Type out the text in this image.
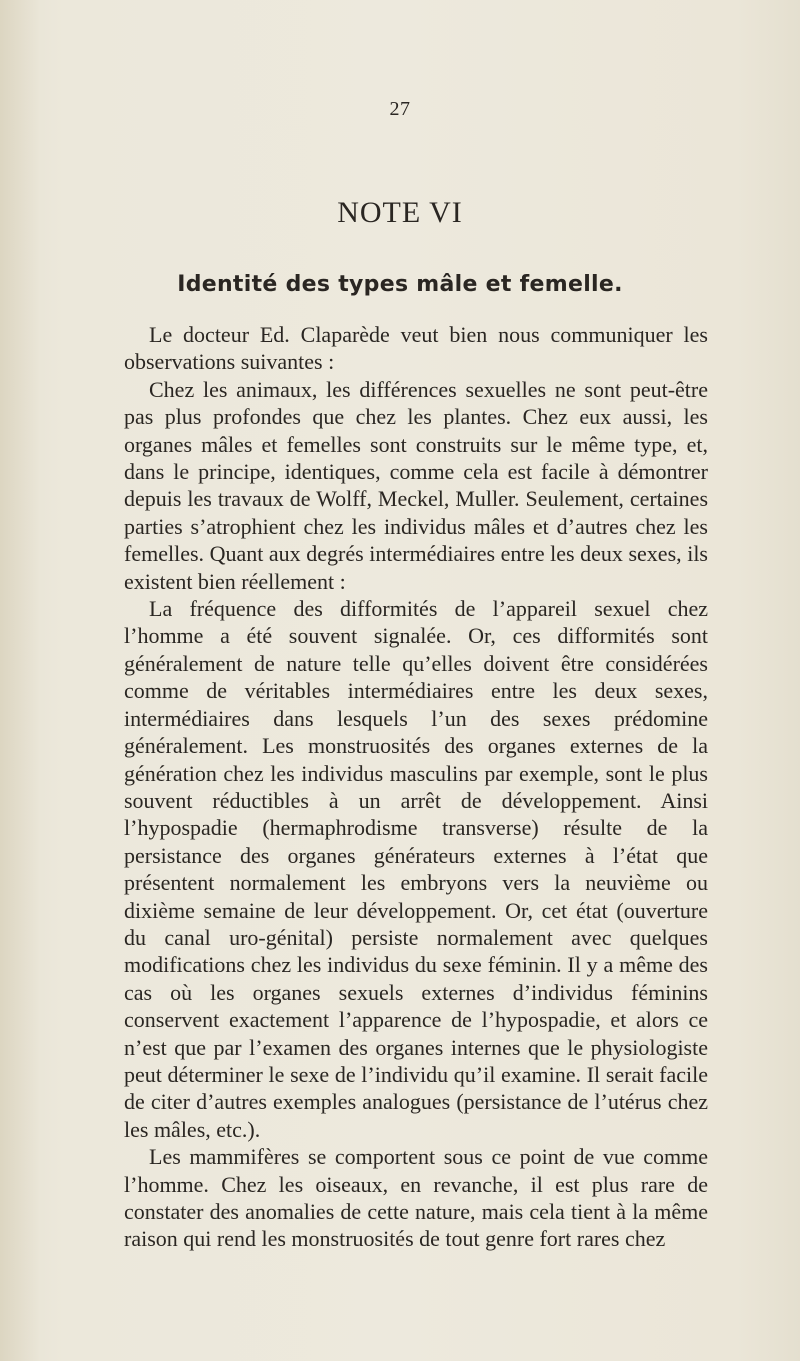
27
NOTE VI
Identité des types mâle et femelle.

Le docteur Ed. Claparède veut bien nous communiquer les observations suivantes :

Chez les animaux, les différences sexuelles ne sont peut-être pas plus profondes que chez les plantes. Chez eux aussi, les organes mâles et femelles sont construits sur le même type, et, dans le principe, identiques, comme cela est facile à démontrer depuis les travaux de Wolff, Meckel, Muller. Seulement, certaines parties s’atrophient chez les individus mâles et d’autres chez les femelles. Quant aux degrés intermédiaires entre les deux sexes, ils existent bien réellement :

La fréquence des difformités de l’appareil sexuel chez l’homme a été souvent signalée. Or, ces difformités sont généralement de nature telle qu’elles doivent être considérées comme de véritables intermédiaires entre les deux sexes, intermédiaires dans lesquels l’un des sexes prédomine généralement. Les monstruosités des organes externes de la génération chez les individus masculins par exemple, sont le plus souvent réductibles à un arrêt de développement. Ainsi l’hypospadie (hermaphrodisme transverse) résulte de la persistance des organes générateurs externes à l’état que présentent normalement les embryons vers la neuvième ou dixième semaine de leur développement. Or, cet état (ouverture du canal uro-génital) persiste normalement avec quelques modifications chez les individus du sexe féminin. Il y a même des cas où les organes sexuels externes d’individus féminins conservent exactement l’apparence de l’hypospadie, et alors ce n’est que par l’examen des organes internes que le physiologiste peut déterminer le sexe de l’individu qu’il examine. Il serait facile de citer d’autres exemples analogues (persistance de l’utérus chez les mâles, etc.).

Les mammifères se comportent sous ce point de vue comme l’homme. Chez les oiseaux, en revanche, il est plus rare de constater des anomalies de cette nature, mais cela tient à la même raison qui rend les monstruosités de tout genre fort rares chez
